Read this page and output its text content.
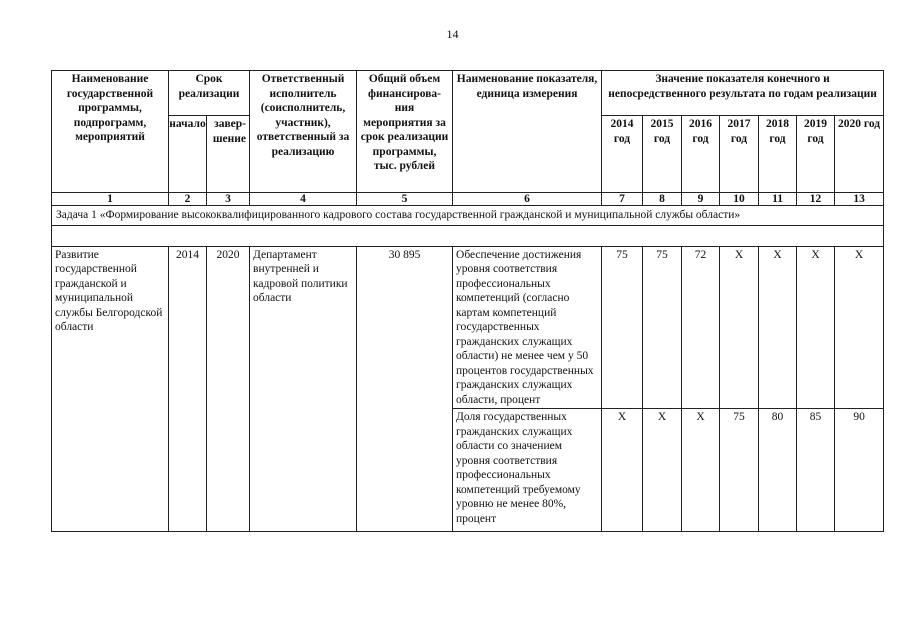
14
Наименование государственной программы, подпрограмм, мероприятий	Срок реализации		Ответственный исполнитель (соисполнитель, участник), ответственный за реализацию	Общий объем финансирова-ния мероприятия за срок реализации программы, тыс. рублей	Наименование показателя, единица измерения	Значение показателя конечного и непосредственного результата по годам реализации						
	начало	завер-шение				2014 год	2015 год	2016 год	2017 год	2018 год	2019 год	2020 год
1	2	3	4	5	6	7	8	9	10	11	12	13
Задача 1 «Формирование высококвалифицированного кадрового состава государственной гражданской и муниципальной службы области»												

Развитие государственной гражданской и муниципальной службы Белгородской области	2014	2020	Департамент внутренней и кадровой политики области	30 895	Обеспечение достижения уровня соответствия профессиональных компетенций (согласно картам компетенций государственных гражданских служащих области) не менее чем у 50 процентов государственных гражданских служащих области, процент	75	75	72	X	X	X	X
					Доля государственных гражданских служащих области со значением уровня соответствия профессиональных компетенций требуемому уровню не менее 80%, процент	X	X	X	75	80	85	90
